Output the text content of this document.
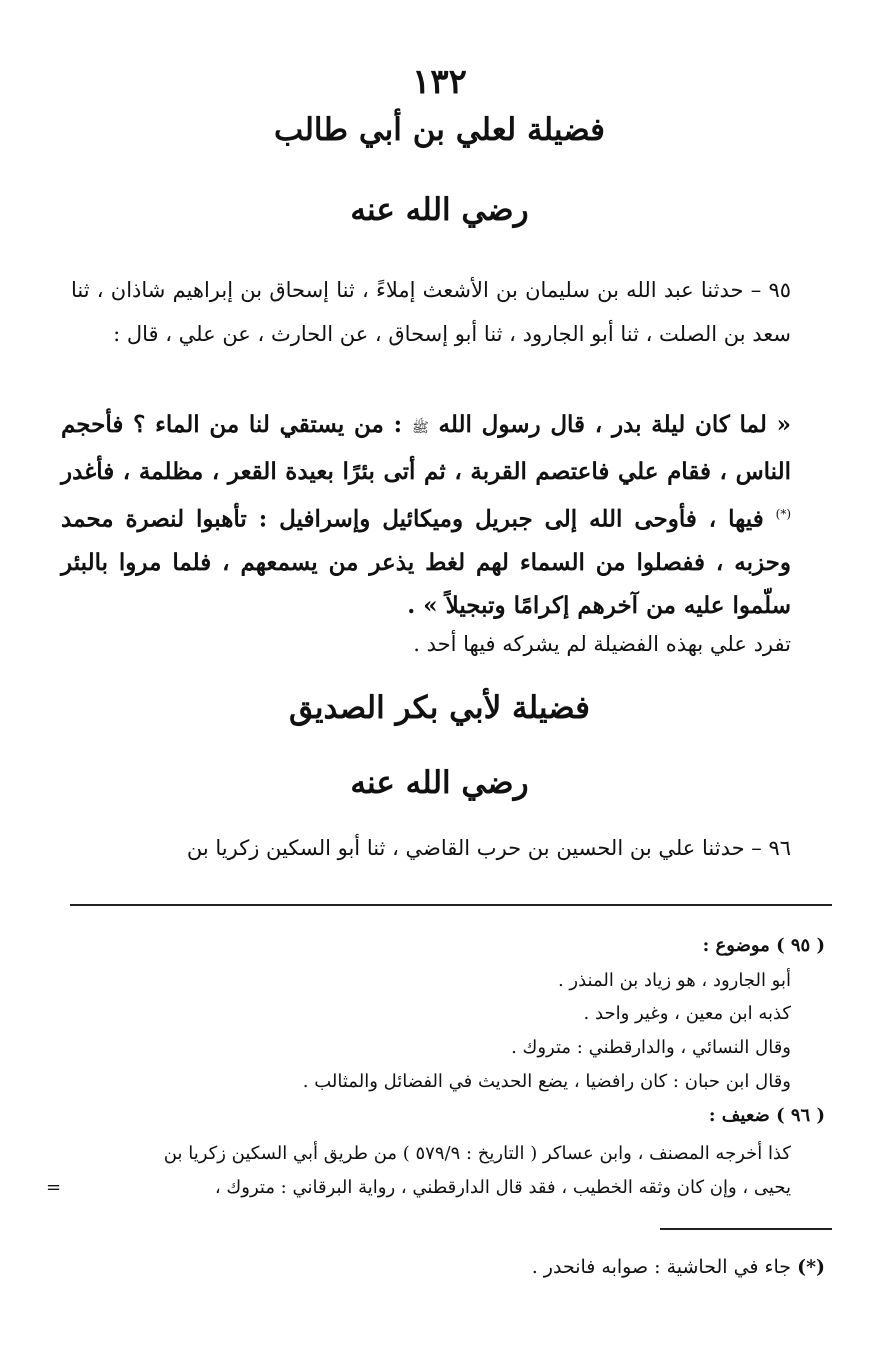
١٣٢
فضيلة لعلي بن أبي طالب
رضي الله عنه
٩٥ – حدثنا عبد الله بن سليمان بن الأشعث إملاءً ، ثنا إسحاق بن إبراهيم شاذان ، ثنا سعد بن الصلت ، ثنا أبو الجارود ، ثنا أبو إسحاق ، عن الحارث ، عن علي ، قال :
« لما كان ليلة بدر ، قال رسول الله ﷺ : من يستقي لنا من الماء ؟ فأحجم الناس ، فقام علي فاعتصم القربة ، ثم أتى بئرًا بعيدة القعر ، مظلمة ، فأغدر (*) فيها ، فأوحى الله إلى جبريل وميكائيل وإسرافيل : تأهبوا لنصرة محمد وحزبه ، ففصلوا من السماء لهم لغط يذعر من يسمعهم ، فلما مروا بالبئر سلّموا عليه من آخرهم إكرامًا وتبجيلاً » .
تفرد علي بهذه الفضيلة لم يشركه فيها أحد .
فضيلة لأبي بكر الصديق
رضي الله عنه
٩٦ – حدثنا علي بن الحسين بن حرب القاضي ، ثنا أبو السكين زكريا بن
( ٩٥ ) موضوع :
أبو الجارود ، هو زياد بن المنذر .
كذبه ابن معين ، وغير واحد .
وقال النسائي ، والدارقطني : متروك .
وقال ابن حبان : كان رافضيا ، يضع الحديث في الفضائل والمثالب .
( ٩٦ ) ضعيف :
كذا أخرجه المصنف ، وابن عساكر ( التاريخ : ٥٧٩/٩ ) من طريق أبي السكين زكريا بن
يحيى ، وإن كان وثقه الخطيب ، فقد قال الدارقطني ، رواية البرقاني : متروك ،
=
(*) جاء في الحاشية : صوابه فانحدر .
